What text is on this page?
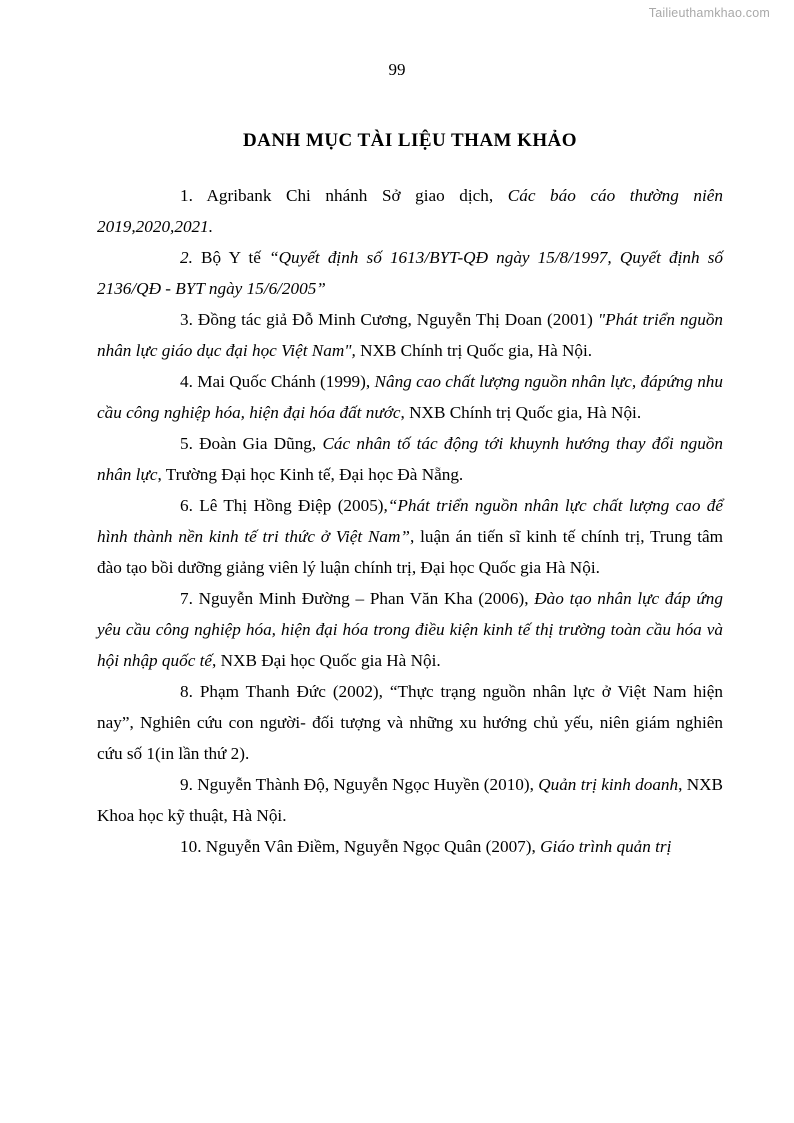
Tailieuthamkhao.com
99
DANH MỤC TÀI LIỆU THAM KHẢO

1. Agribank Chi nhánh Sở giao dịch, Các báo cáo thường niên 2019,2020,2021.

2. Bộ Y tế “Quyết định số 1613/BYT-QĐ ngày 15/8/1997, Quyết định số 2136/QĐ - BYT ngày 15/6/2005”

3. Đồng tác giả Đỗ Minh Cương, Nguyễn Thị Doan (2001) "Phát triển nguồn nhân lực giáo dục đại học Việt Nam", NXB Chính trị Quốc gia, Hà Nội.

4. Mai Quốc Chánh (1999), Nâng cao chất lượng nguồn nhân lực, đápứng nhu cầu công nghiệp hóa, hiện đại hóa đất nước, NXB Chính trị Quốc gia, Hà Nội.

5. Đoàn Gia Dũng, Các nhân tố tác động tới khuynh hướng thay đổi nguồn nhân lực, Trường Đại học Kinh tế, Đại học Đà Nẵng.

6. Lê Thị Hồng Điệp (2005),“Phát triển nguồn nhân lực chất lượng cao để hình thành nền kinh tế tri thức ở Việt Nam”, luận án tiến sĩ kinh tế chính trị, Trung tâm đào tạo bồi dưỡng giảng viên lý luận chính trị, Đại học Quốc gia Hà Nội.

7. Nguyễn Minh Đường – Phan Văn Kha (2006), Đào tạo nhân lực đáp ứng yêu cầu công nghiệp hóa, hiện đại hóa trong điều kiện kinh tế thị trường toàn cầu hóa và hội nhập quốc tế, NXB Đại học Quốc gia Hà Nội.

8. Phạm Thanh Đức (2002), “Thực trạng nguồn nhân lực ở Việt Nam hiện nay”, Nghiên cứu con người- đối tượng và những xu hướng chủ yếu, niên giám nghiên cứu số 1(in lần thứ 2).

9. Nguyễn Thành Độ, Nguyễn Ngọc Huyền (2010), Quản trị kinh doanh, NXB Khoa học kỹ thuật, Hà Nội.

10. Nguyễn Vân Điềm, Nguyễn Ngọc Quân (2007), Giáo trình quản trị
